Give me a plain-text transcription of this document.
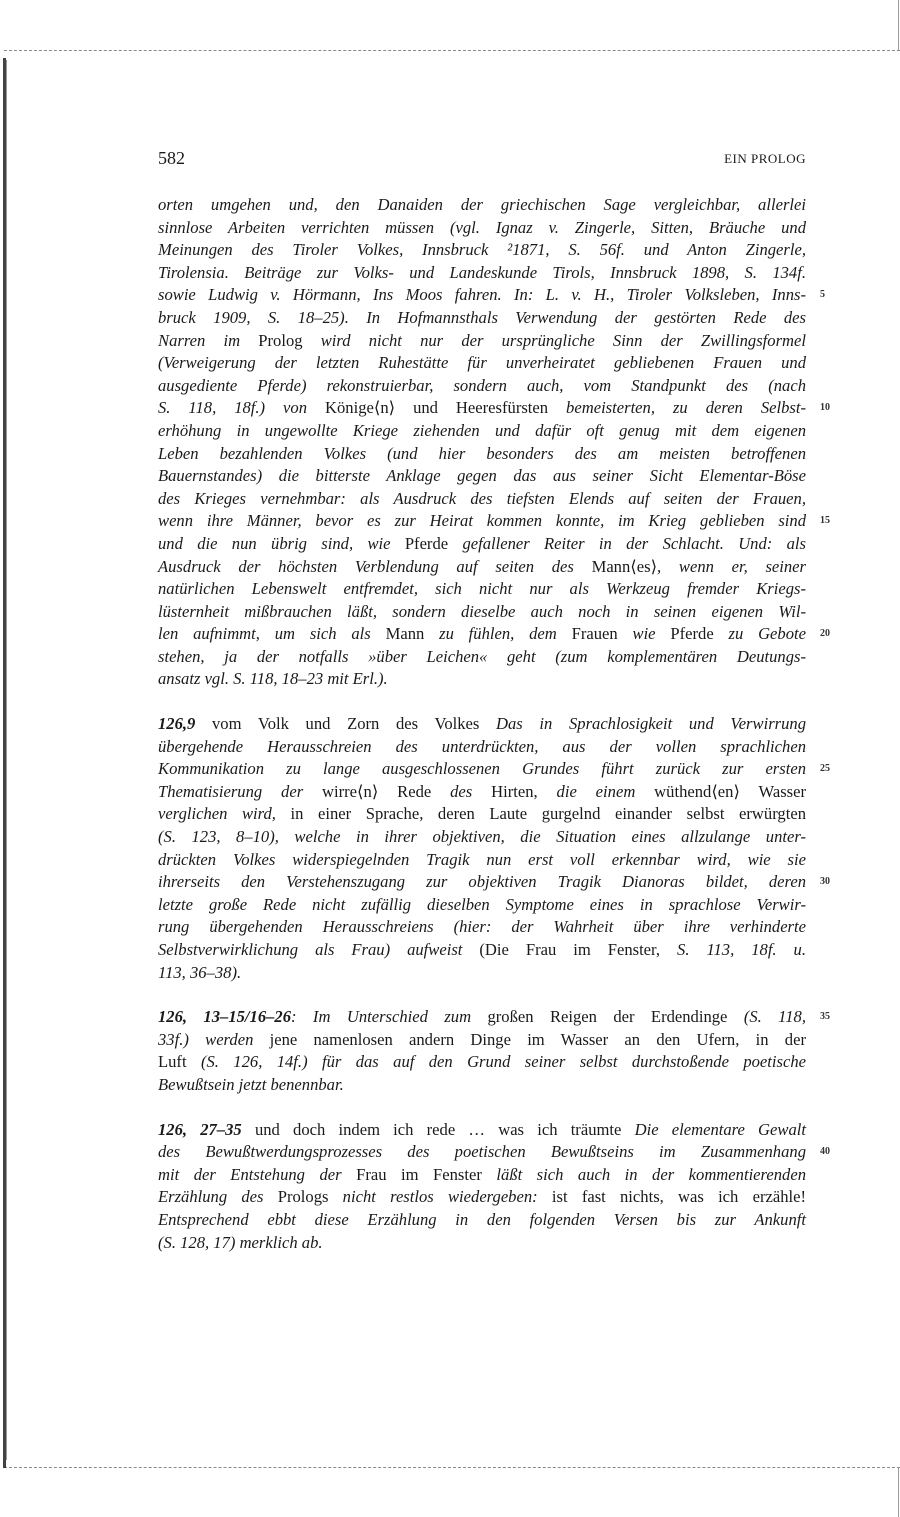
582	EIN PROLOG
orten umgehen und, den Danaiden der griechischen Sage vergleichbar, allerlei
sinnlose Arbeiten verrichten müssen (vgl. Ignaz v. Zingerle, Sitten, Bräuche und
Meinungen des Tiroler Volkes, Innsbruck ²1871, S. 56f. und Anton Zingerle,
Tirolensia. Beiträge zur Volks- und Landeskunde Tirols, Innsbruck 1898, S. 134f.
sowie Ludwig v. Hörmann, Ins Moos fahren. In: L. v. H., Tiroler Volksleben, Inns- 5
bruck 1909, S. 18–25). In Hofmannsthals Verwendung der gestörten Rede des
Narren im Prolog wird nicht nur der ursprüngliche Sinn der Zwillingsformel
(Verweigerung der letzten Ruhestätte für unverheiratet gebliebenen Frauen und
ausgediente Pferde) rekonstruierbar, sondern auch, vom Standpunkt des (nach
S. 118, 18f.) von Könige⟨n⟩ und Heeresfürsten bemeisterten, zu deren Selbst- 10
erhöhung in ungewollte Kriege ziehenden und dafür oft genug mit dem eigenen
Leben bezahlenden Volkes (und hier besonders des am meisten betroffenen
Bauernstandes) die bitterste Anklage gegen das aus seiner Sicht Elementar-Böse
des Krieges vernehmbar: als Ausdruck des tiefsten Elends auf seiten der Frauen,
wenn ihre Männer, bevor es zur Heirat kommen konnte, im Krieg geblieben sind 15
und die nun übrig sind, wie Pferde gefallener Reiter in der Schlacht. Und: als
Ausdruck der höchsten Verblendung auf seiten des Mann⟨es⟩, wenn er, seiner
natürlichen Lebenswelt entfremdet, sich nicht nur als Werkzeug fremder Kriegs-
lüsternheit mißbrauchen läßt, sondern dieselbe auch noch in seinen eigenen Wil-
len aufnimmt, um sich als Mann zu fühlen, dem Frauen wie Pferde zu Gebote 20
stehen, ja der notfalls »über Leichen« geht (zum komplementären Deutungs-
ansatz vgl. S. 118, 18–23 mit Erl.).
126,9 vom Volk und Zorn des Volkes Das in Sprachlosigkeit und Verwirrung
übergehende Herausschreien des unterdrückten, aus der vollen sprachlichen
Kommunikation zu lange ausgeschlossenen Grundes führt zurück zur ersten 25
Thematisierung der wirre⟨n⟩ Rede des Hirten, die einem wüthend⟨en⟩ Wasser
verglichen wird, in einer Sprache, deren Laute gurgelnd einander selbst erwürgten
(S. 123, 8–10), welche in ihrer objektiven, die Situation eines allzulange unter-
drückten Volkes widerspiegelnden Tragik nun erst voll erkennbar wird, wie sie
ihrerseits den Verstehenszugang zur objektiven Tragik Dianoras bildet, deren 30
letzte große Rede nicht zufällig dieselben Symptome eines in sprachlose Verwir-
rung übergehenden Herausschreiens (hier: der Wahrheit über ihre verhinderte
Selbstverwirklichung als Frau) aufweist (Die Frau im Fenster, S. 113, 18f. u.
113, 36–38).
126, 13–15/16–26: Im Unterschied zum großen Reigen der Erdendinge (S. 118, 35
33f.) werden jene namenlosen andern Dinge im Wasser an den Ufern, in der
Luft (S. 126, 14f.) für das auf den Grund seiner selbst durchstoßende poetische
Bewußtsein jetzt benennbar.
126, 27–35 und doch indem ich rede … was ich träumte Die elementare Gewalt
des Bewußtwerdungsprozesses des poetischen Bewußtseins im Zusammenhang 40
mit der Entstehung der Frau im Fenster läßt sich auch in der kommentierenden
Erzählung des Prologs nicht restlos wiedergeben: ist fast nichts, was ich erzähle!
Entsprechend ebbt diese Erzählung in den folgenden Versen bis zur Ankunft
(S. 128, 17) merklich ab.
